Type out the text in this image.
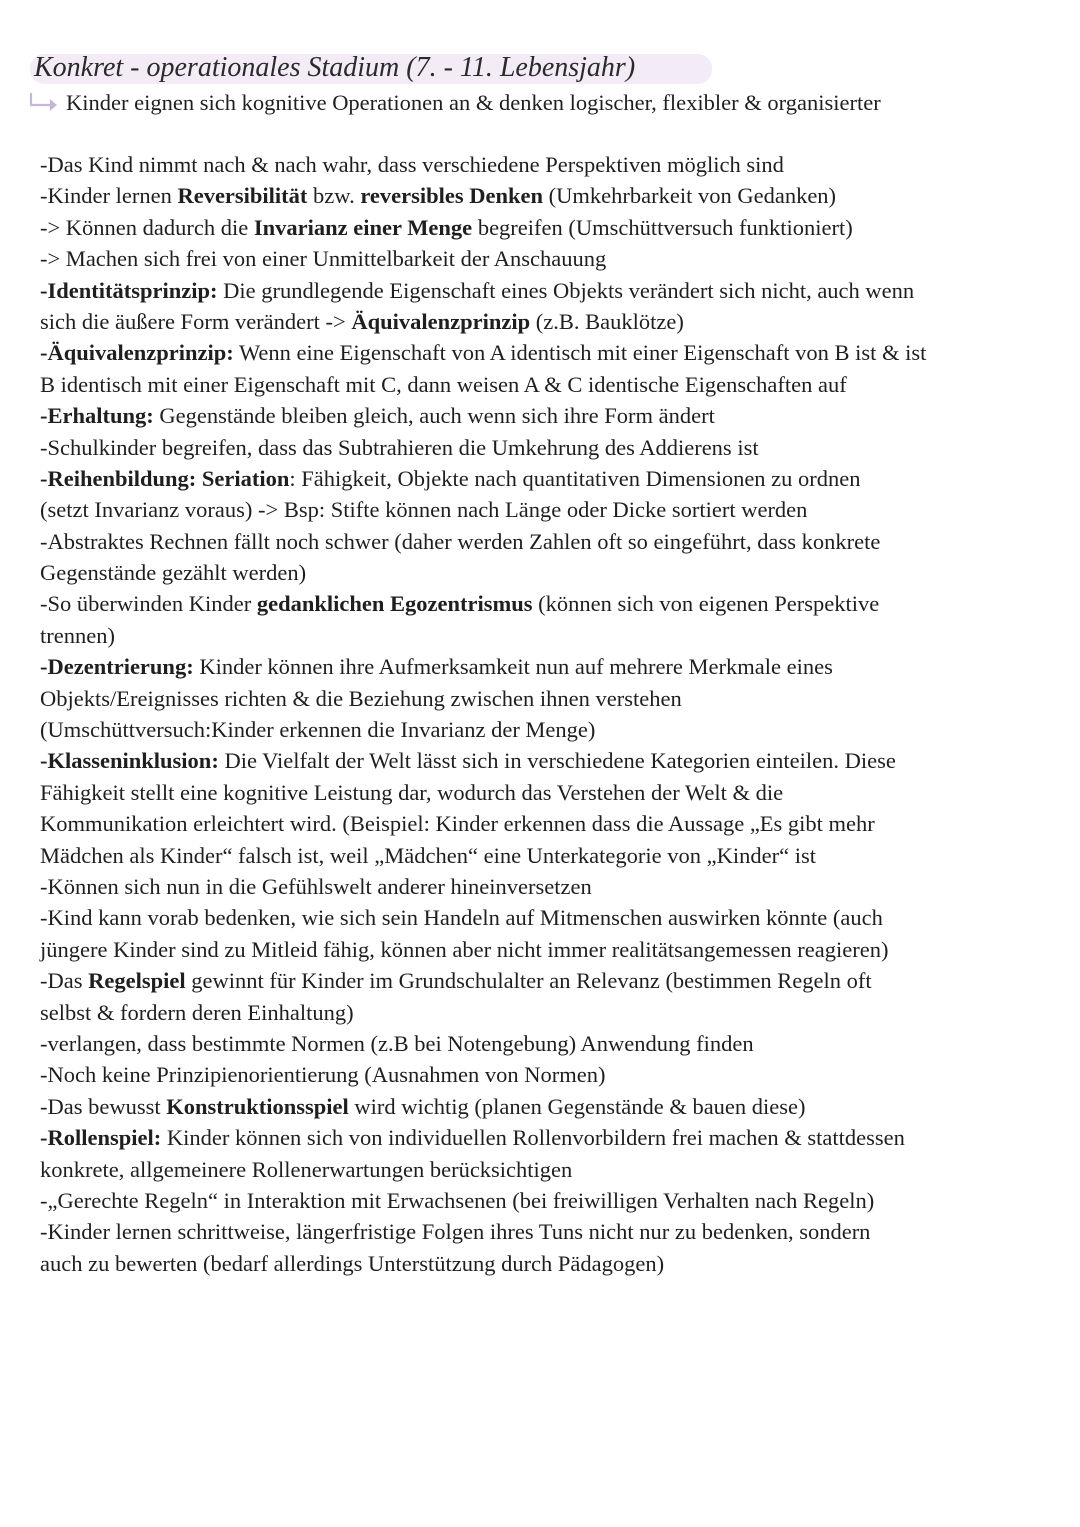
Konkret - operationales Stadium (7. - 11. Lebensjahr)
Kinder eignen sich kognitive Operationen an & denken logischer, flexibler & organisierter
-Das Kind nimmt nach & nach wahr, dass verschiedene Perspektiven möglich sind
-Kinder lernen Reversibilität bzw. reversibles Denken (Umkehrbarkeit von Gedanken)
-> Können dadurch die Invarianz einer Menge begreifen (Umschüttversuch funktioniert)
-> Machen sich frei von einer Unmittelbarkeit der Anschauung
-Identitätsprinzip: Die grundlegende Eigenschaft eines Objekts verändert sich nicht, auch wenn
sich die äußere Form verändert -> Äquivalenzprinzip (z.B. Bauklötze)
-Äquivalenzprinzip: Wenn eine Eigenschaft von A identisch mit einer Eigenschaft von B ist & ist
B identisch mit einer Eigenschaft mit C, dann weisen A & C identische Eigenschaften auf
-Erhaltung: Gegenstände bleiben gleich, auch wenn sich ihre Form ändert
-Schulkinder begreifen, dass das Subtrahieren die Umkehrung des Addierens ist
-Reihenbildung: Seriation: Fähigkeit, Objekte nach quantitativen Dimensionen zu ordnen
(setzt Invarianz voraus) -> Bsp: Stifte können nach Länge oder Dicke sortiert werden
-Abstraktes Rechnen fällt noch schwer (daher werden Zahlen oft so eingeführt, dass konkrete
Gegenstände gezählt werden)
-So überwinden Kinder gedanklichen Egozentrismus (können sich von eigenen Perspektive
trennen)
-Dezentrierung: Kinder können ihre Aufmerksamkeit nun auf mehrere Merkmale eines
Objekts/Ereignisses richten & die Beziehung zwischen ihnen verstehen
(Umschüttversuch:Kinder erkennen die Invarianz der Menge)
-Klasseninklusion: Die Vielfalt der Welt lässt sich in verschiedene Kategorien einteilen. Diese
Fähigkeit stellt eine kognitive Leistung dar, wodurch das Verstehen der Welt & die
Kommunikation erleichtert wird. (Beispiel: Kinder erkennen dass die Aussage „Es gibt mehr
Mädchen als Kinder“ falsch ist, weil „Mädchen“ eine Unterkategorie von „Kinder“ ist
-Können sich nun in die Gefühlswelt anderer hineinversetzen
-Kind kann vorab bedenken, wie sich sein Handeln auf Mitmenschen auswirken könnte (auch
jüngere Kinder sind zu Mitleid fähig, können aber nicht immer realitätsangemessen reagieren)
-Das Regelspiel gewinnt für Kinder im Grundschulalter an Relevanz (bestimmen Regeln oft
selbst & fordern deren Einhaltung)
-verlangen, dass bestimmte Normen (z.B bei Notengebung) Anwendung finden
-Noch keine Prinzipienorientierung (Ausnahmen von Normen)
-Das bewusst Konstruktionsspiel wird wichtig (planen Gegenstände & bauen diese)
-Rollenspiel: Kinder können sich von individuellen Rollenvorbildern frei machen & stattdessen
konkrete, allgemeinere Rollenerwartungen berücksichtigen
-„Gerechte Regeln“ in Interaktion mit Erwachsenen (bei freiwilligen Verhalten nach Regeln)
-Kinder lernen schrittweise, längerfristige Folgen ihres Tuns nicht nur zu bedenken, sondern
auch zu bewerten (bedarf allerdings Unterstützung durch Pädagogen)
